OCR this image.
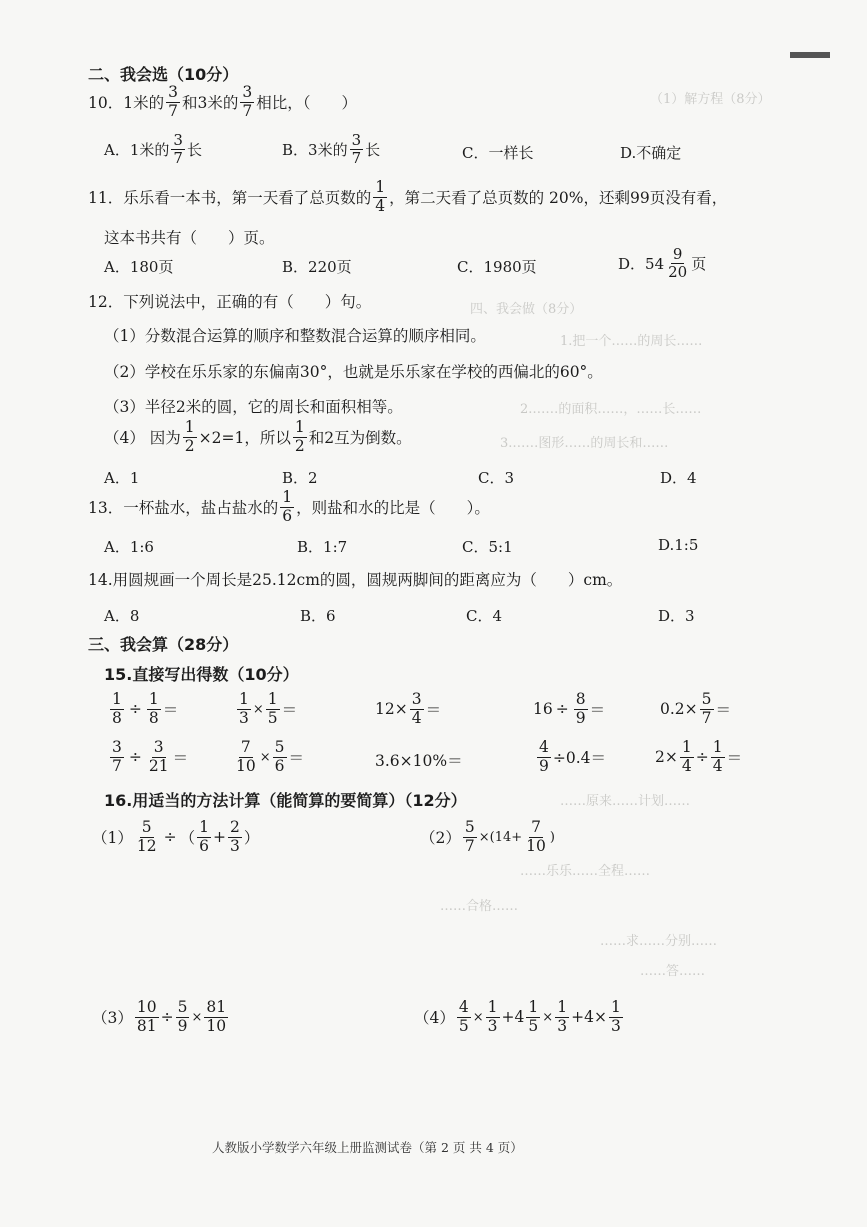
（1）解方程（8分）
四、我会做（8分）
1.把一个……的周长……
2.……的面积……，……长……
3.……图形……的周长和……
……原来……计划……
……乐乐……全程……
……合格……
……求……分别……
……答……
二、我会选（10分）
10．1米的 $\frac{3}{7}$ 和3米的 $\frac{3}{7}$ 相比，（　　）
A．1米的 $\frac{3}{7}$ 长	B．3米的 $\frac{3}{7}$ 长	C．一样长	D.不确定
11．乐乐看一本书，第一天看了总页数的 $\frac{1}{4}$ ，第二天看了总页数的 20%，还剩99页没有看，
这本书共有（　　）页。
A．180页	B．220页	C．1980页	D．$54 \frac{9}{20}$ 页
12．下列说法中，正确的有（　　）句。
（1）分数混合运算的顺序和整数混合运算的顺序相同。
（2）学校在乐乐家的东偏南30°，也就是乐乐家在学校的西偏北的60°。
（3）半径2米的圆，它的周长和面积相等。
（4） 因为 $\frac{1}{2} \times 2=1$，所以 $\frac{1}{2}$ 和2互为倒数。
A．1	B．2	C．3	D．4
13．一杯盐水，盐占盐水的 $\frac{1}{6}$ ，则盐和水的比是（　　）。
A．1:6	B．1:7	C．5:1	D.1:5
14.用圆规画一个周长是25.12cm的圆，圆规两脚间的距离应为（　　）cm。
A．8	B．6	C．4	D．3
三、我会算（28分）
15.直接写出得数（10分）
$\frac{1}{8} \div \frac{1}{8}$ ＝	$\frac{1}{3} \times \frac{1}{5}$ ＝	$12 \times \frac{3}{4}$ ＝	$16 \div \frac{8}{9}$ ＝	$0.2 \times \frac{5}{7}$ ＝
$\frac{3}{7} \div \frac{3}{21}$ ＝	$\frac{7}{10} \times \frac{5}{6}$ ＝	3.6×10%＝	$\frac{4}{9} \div 0.4=$	$2 \times \frac{1}{4} \div \frac{1}{4}$ ＝
16.用适当的方法计算（能简算的要简算）（12分）
$(1) \frac{5}{12}$ ÷ （ $\frac{1}{6} + \frac{2}{3}$ ）	$(2) \frac{5}{7} \times (14+ \frac{7}{10}$ )
$(3) \frac{10}{81} \div \frac{5}{9} \times \frac{81}{10}$	$(4) \frac{4}{5} \times \frac{1}{3} + 4 \frac{1}{5} \times \frac{1}{3} + 4 \times \frac{1}{3}$
人教版小学数学六年级上册监测试卷（第 2 页 共 4 页）
